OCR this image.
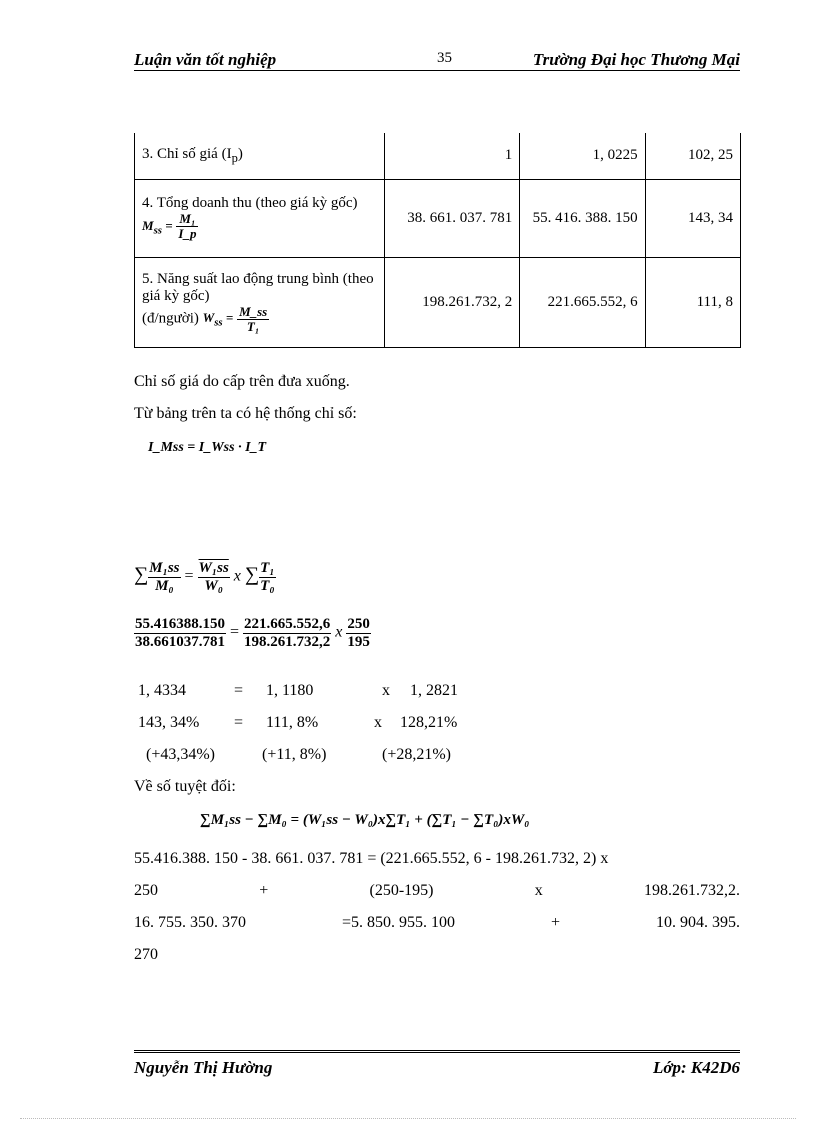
Luận văn tốt nghiệp	35	Trường Đại học Thương Mại
3. Chỉ số giá $(I_p)$	1	1, 0225	102, 25
4. Tổng doanh thu (theo giá kỳ gốc) $M_{ss} = \frac{\text{M₁}}{I\_p}$	38. 661. 037. 781	55. 416. 388. 150	143, 34
5. Năng suất lao động trung bình (theo giá kỳ gốc)
(đ/người) $W_{ss} = \frac{M\_ss}{\text{T₁}}$	198.261.732, 2	221.665.552, 6	111, 8
Chỉ số giá do cấp trên đưa xuống.
Từ bảng trên ta có hệ thống chỉ số:
I_Mss = I_Wss · I_T
∑ $\frac{\text{M₁ss}}{\text{M₀}} = \frac{\text{W₁ss}}{\text{W₀}}$ x ∑ $\frac{\text{T₁}}{\text{T₀}}$
$\frac{55.416388.150}{38.661037.781} = \frac{221.665.552,6}{198.261.732,2}$ x $\frac{250}{195}$
1, 4334	= 1, 1180	x 1, 2821
143, 34% = 111, 8%	x 128,21%
(+43,34%)	(+11, 8%)	(+28,21%)
Về số tuyệt đối:
∑M₁ss − ∑M₀ = (W₁ss − W₀)x∑T₁ + (∑T₁ − ∑T₀)xW₀
55.416.388. 150 - 38. 661. 037. 781 = (221.665.552, 6 - 198.261.732, 2) x
250	+	(250-195)	x	198.261.732,2.
16. 755. 350. 370	=5. 850. 955. 100	+	10. 904. 395.
270
Nguyễn Thị Hường	Lớp: K42D6
